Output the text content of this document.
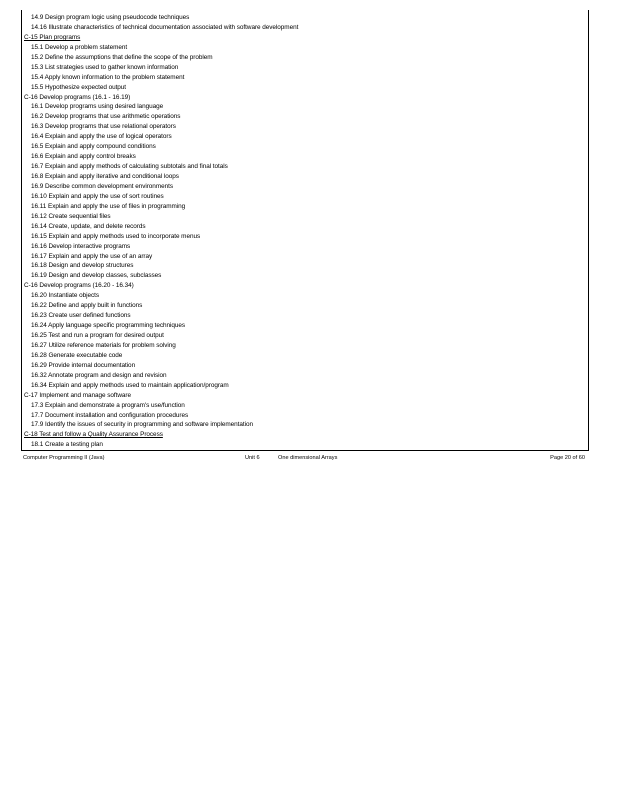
14.9 Design program logic using pseudocode techniques
14.16 Illustrate characteristics of technical documentation associated with software development
C-15 Plan programs
15.1 Develop a problem statement
15.2 Define the assumptions that define the scope of the problem
15.3 List strategies used to gather known information
15.4 Apply known information to the problem statement
15.5 Hypothesize expected output
C-16 Develop programs (16.1 - 16.19)
16.1 Develop programs using desired language
16.2 Develop programs that use arithmetic operations
16.3 Develop programs that use relational operators
16.4 Explain and apply the use of logical operators
16.5 Explain and apply compound conditions
16.6 Explain and apply control breaks
16.7 Explain and apply methods of calculating subtotals and final totals
16.8 Explain and apply iterative and conditional loops
16.9 Describe common development environments
16.10 Explain and apply the use of sort routines
16.11 Explain and apply the use of files in programming
16.12 Create sequential files
16.14 Create, update, and delete records
16.15 Explain and apply methods used to incorporate menus
16.16 Develop interactive programs
16.17 Explain and apply the use of an array
16.18 Design and develop structures
16.19 Design and develop classes, subclasses
C-16 Develop programs (16.20 - 16.34)
16.20 Instantiate objects
16.22 Define and apply built in functions
16.23 Create user defined functions
16.24 Apply language specific programming techniques
16.25 Test and run a program for desired output
16.27 Utilize reference materials for problem solving
16.28 Generate executable code
16.29 Provide internal documentation
16.32 Annotate program and design and revision
16.34 Explain and apply methods used to maintain application/program
C-17 Implement and manage software
17.3 Explain and demonstrate a program's use/function
17.7 Document installation and configuration procedures
17.9 Identify the issues of security in programming and software implementation
C-18 Test and follow a Quality Assurance Process
18.1 Create a testing plan
Computer Programming II (Java)	Unit 6	One dimensional Arrays	Page 20 of 60
